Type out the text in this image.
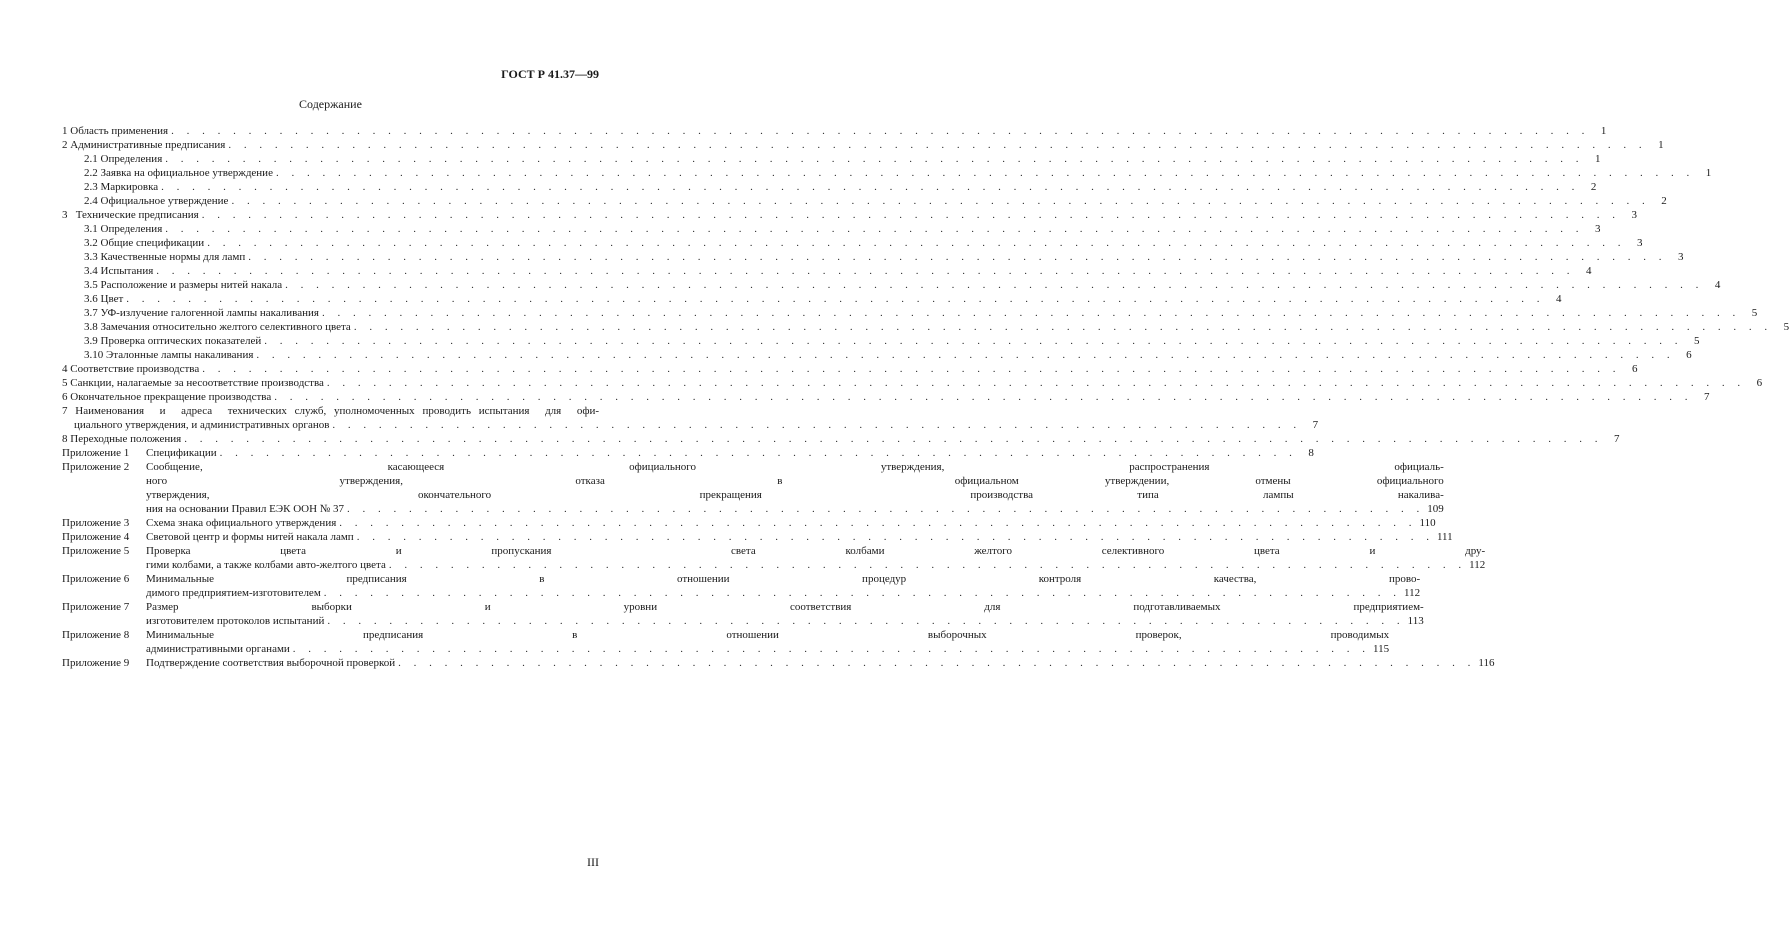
ГОСТ Р 41.37—99
Содержание
1 Область применения . . .	1
2 Административные предписания . . .	1
2.1 Определения . . .	1
2.2 Заявка на официальное утверждение . . .	1
2.3 Маркировка . . .	2
2.4 Официальное утверждение . . .	2
3   Технические предписания . . .	3
3.1 Определения . . .	3
3.2 Общие спецификации . . .	3
3.3 Качественные нормы для ламп . . .	3
3.4 Испытания . . .	4
3.5 Расположение и размеры нитей накала . . .	4
3.6 Цвет . . .	4
3.7 УФ-излучение галогенной лампы накаливания . . .	5
3.8 Замечания относительно желтого селективного цвета . . .	5
3.9 Проверка оптических показателей . . .	5
3.10 Эталонные лампы накаливания . . .	6
4 Соответствие производства . . .	6
5 Санкции, налагаемые за несоответствие производства . . .	6
6 Окончательное прекращение производства . . .	7
7 Наименования  и  адреса  технических служб, уполномоченных проводить испытания  для  офи-
циального утверждения, и административных органов . . .	7
8 Переходные положения . . .	7
Приложение 1	Спецификации . . .	8
Приложение 2	Сообщение, касающееся официального утверждения, распространения официаль-
ного  утверждения,  отказа  в  официальном утверждении, отмены официального
утверждения,  окончательного  прекращения  производства типа лампы накалива-
ния на основании Правил ЕЭК ООН № 37 . . .	109
Приложение 3	Схема знака официального утверждения . . .	110
Приложение 4	Световой центр и формы нитей накала ламп . . .	111
Приложение 5	Проверка цвета и пропускания  света колбами желтого селективного цвета и дру-
гими колбами, а также колбами авто-желтого цвета . . .	112
Приложение 6	Минимальные  предписания  в  отношении  процедур  контроля  качества,  прово-
димого предприятием-изготовителем . . .	112
Приложение 7	Размер  выборки  и  уровни  соответствия  для  подготавливаемых  предприятием-
изготовителем протоколов испытаний . . .	113
Приложение 8	Минимальные  предписания  в  отношении  выборочных  проверок,  проводимых
административными органами . . .	115
Приложение 9	Подтверждение соответствия выборочной проверкой . . .	116
III
